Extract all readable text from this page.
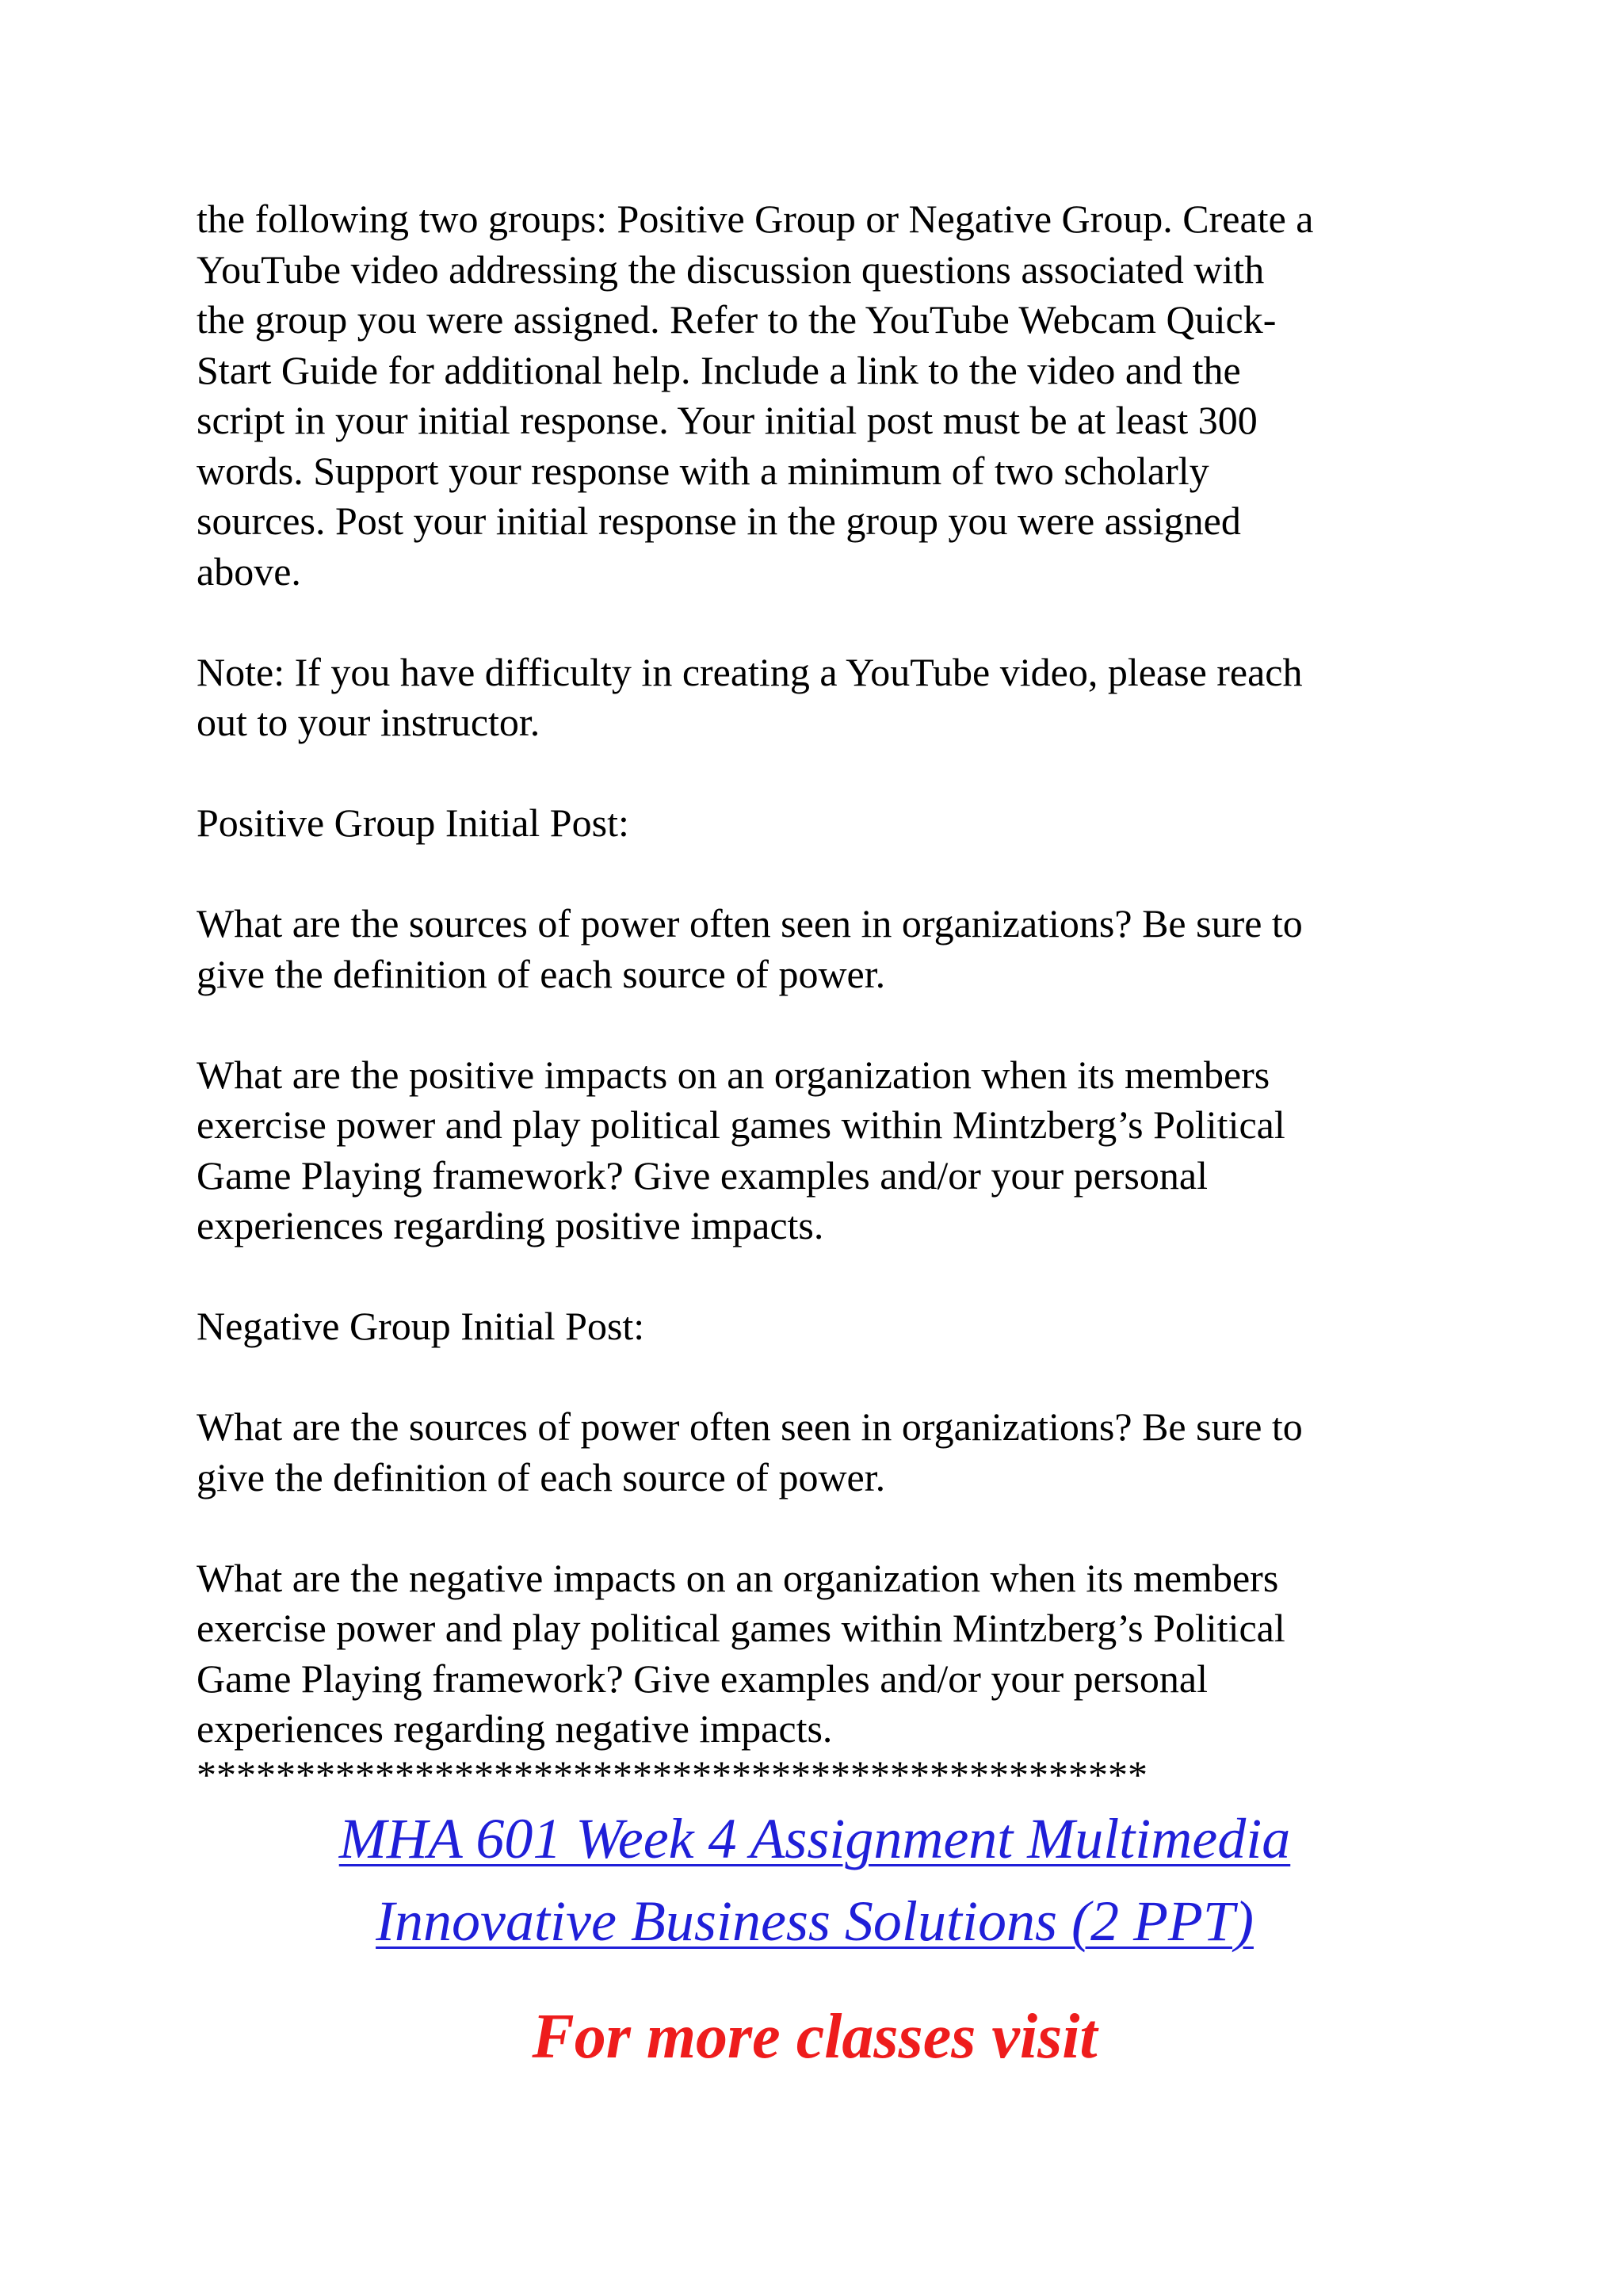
the following two groups: Positive Group or Negative Group. Create a
YouTube video addressing the discussion questions associated with
the group you were assigned. Refer to the YouTube Webcam Quick-
Start Guide for additional help. Include a link to the video and the
script in your initial response. Your initial post must be at least 300
words. Support your response with a minimum of two scholarly
sources. Post your initial response in the group you were assigned
above.

Note: If you have difficulty in creating a YouTube video, please reach
out to your instructor.

Positive Group Initial Post:

What are the sources of power often seen in organizations? Be sure to
give the definition of each source of power.

What are the positive impacts on an organization when its members
exercise power and play political games within Mintzberg’s Political
Game Playing framework? Give examples and/or your personal
experiences regarding positive impacts.

Negative Group Initial Post:

What are the sources of power often seen in organizations? Be sure to
give the definition of each source of power.

What are the negative impacts on an organization when its members
exercise power and play political games within Mintzberg’s Political
Game Playing framework? Give examples and/or your personal
experiences regarding negative impacts.

************************************************

MHA 601 Week 4 Assignment Multimedia
Innovative Business Solutions (2 PPT)
For more classes visit
